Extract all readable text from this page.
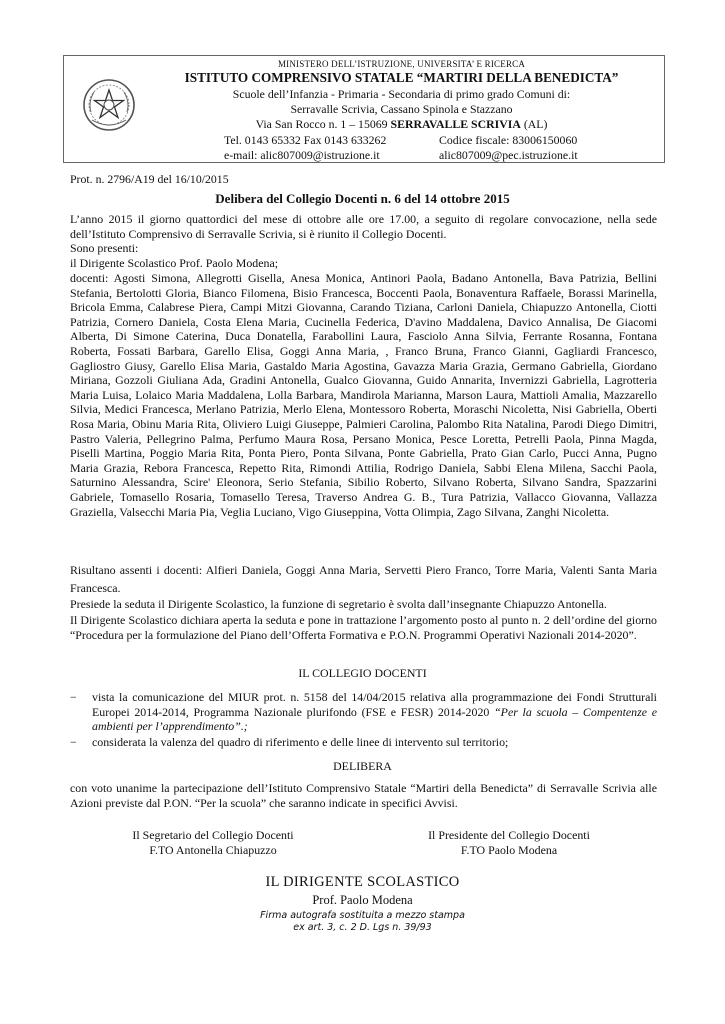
MINISTERO DELL’ISTRUZIONE, UNIVERSITA’ E RICERCA
ISTITUTO COMPRENSIVO STATALE “MARTIRI DELLA BENEDICTA”
Scuole dell’Infanzia - Primaria - Secondaria di primo grado Comuni di:
Serravalle Scrivia, Cassano Spinola e Stazzano
Via San Rocco n. 1 – 15069 SERRAVALLE SCRIVIA (AL)
Tel. 0143 65332 Fax 0143 633262	Codice fiscale: 83006150060
e-mail: alic807009@istruzione.it	alic807009@pec.istruzione.it
Prot. n. 2796/A19 del 16/10/2015
Delibera del Collegio Docenti n. 6 del 14 ottobre 2015

L’anno 2015 il giorno quattordici del mese di ottobre alle ore 17.00, a seguito di regolare convocazione, nella sede dell’Istituto Comprensivo di Serravalle Scrivia, si è riunito il Collegio Docenti.

Sono presenti:

il Dirigente Scolastico Prof. Paolo Modena;

docenti: Agosti Simona, Allegrotti Gisella, Anesa Monica, Antinori Paola, Badano Antonella, Bava Patrizia, Bellini Stefania, Bertolotti Gloria, Bianco Filomena, Bisio Francesca, Boccenti Paola, Bonaventura Raffaele, Borassi Marinella, Bricola Emma, Calabrese Piera, Campi Mitzi Giovanna, Carando Tiziana, Carloni Daniela, Chiapuzzo Antonella, Ciotti Patrizia, Cornero Daniela, Costa Elena Maria, Cucinella Federica, D'avino Maddalena, Davico Annalisa, De Giacomi Alberta, Di Simone Caterina, Duca Donatella, Farabollini Laura, Fasciolo Anna Silvia, Ferrante Rosanna, Fontana Roberta, Fossati Barbara, Garello Elisa, Goggi Anna Maria, , Franco Bruna, Franco Gianni, Gagliardi Francesco, Gagliostro Giusy, Garello Elisa Maria, Gastaldo Maria Agostina, Gavazza Maria Grazia, Germano Gabriella, Giordano Miriana, Gozzoli Giuliana Ada, Gradini Antonella, Gualco Giovanna, Guido Annarita, Invernizzi Gabriella, Lagrotteria Maria Luisa, Lolaico Maria Maddalena, Lolla Barbara, Mandirola Marianna, Marson Laura, Mattioli Amalia, Mazzarello Silvia, Medici Francesca, Merlano Patrizia, Merlo Elena, Montessoro Roberta, Moraschi Nicoletta, Nisi Gabriella, Oberti Rosa Maria, Obinu Maria Rita, Oliviero Luigi Giuseppe, Palmieri Carolina, Palombo Rita Natalina, Parodi Diego Dimitri, Pastro Valeria, Pellegrino Palma, Perfumo Maura Rosa, Persano Monica, Pesce Loretta, Petrelli Paola, Pinna Magda, Piselli Martina, Poggio Maria Rita, Ponta Piero, Ponta Silvana, Ponte Gabriella, Prato Gian Carlo, Pucci Anna, Pugno Maria Grazia, Rebora Francesca, Repetto Rita, Rimondi Attilia, Rodrigo Daniela, Sabbi Elena Milena, Sacchi Paola, Saturnino Alessandra, Scire' Eleonora, Serio Stefania, Sibilio Roberto, Silvano Roberta, Silvano Sandra, Spazzarini Gabriele, Tomasello Rosaria, Tomasello Teresa, Traverso Andrea G. B., Tura Patrizia, Vallacco Giovanna, Vallazza Graziella, Valsecchi Maria Pia, Veglia Luciano, Vigo Giuseppina, Votta Olimpia, Zago Silvana, Zanghi Nicoletta.

Risultano assenti i docenti: Alfieri Daniela, Goggi Anna Maria, Servetti Piero Franco, Torre Maria, Valenti Santa Maria Francesca.

Presiede la seduta il Dirigente Scolastico, la funzione di segretario è svolta dall’insegnante Chiapuzzo Antonella.

Il Dirigente Scolastico dichiara aperta la seduta e pone in trattazione l’argomento posto al punto n. 2 dell’ordine del giorno “Procedura per la formulazione del Piano dell’Offerta Formativa e P.O.N. Programmi Operativi Nazionali 2014-2020”.

IL COLLEGIO DOCENTI
− vista la comunicazione del MIUR prot. n. 5158 del 14/04/2015 relativa alla programmazione dei Fondi Strutturali Europei 2014-2014, Programma Nazionale plurifondo (FSE e FESR) 2014-2020 “Per la scuola – Compentenze e ambienti per l’apprendimento”.;
− considerata la valenza del quadro di riferimento e delle linee di intervento sul territorio;
DELIBERA

con voto unanime la partecipazione dell’Istituto Comprensivo Statale “Martiri della Benedicta” di Serravalle Scrivia alle Azioni previste dal P.ON. “Per la scuola” che saranno indicate in specifici Avvisi.

Il Segretario del Collegio Docenti
F.TO Antonella Chiapuzzo
Il Presidente del Collegio Docenti
F.TO Paolo Modena
IL DIRIGENTE SCOLASTICO
Prof. Paolo Modena
Firma autografa sostituita a mezzo stampa
ex art. 3, c. 2 D. Lgs n. 39/93
